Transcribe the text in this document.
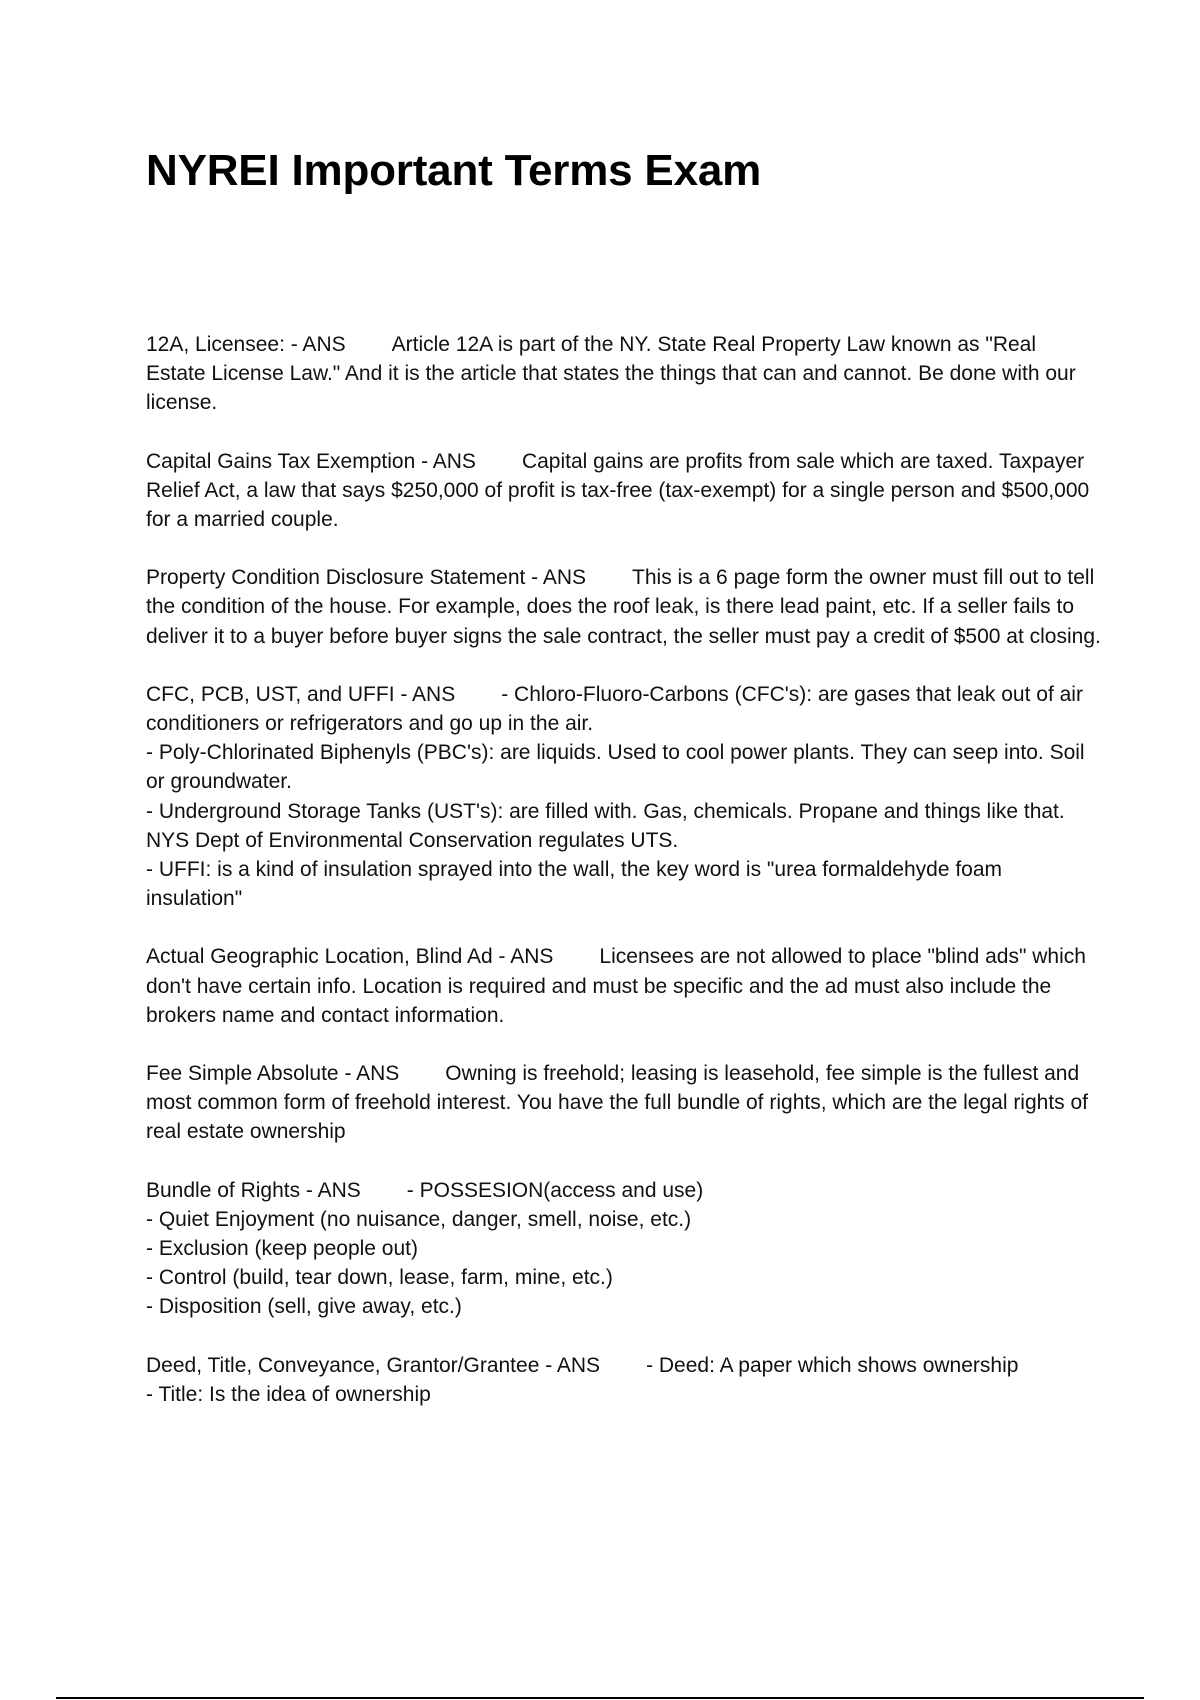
NYREI Important Terms Exam

12A, Licensee: - ANS Article 12A is part of the NY. State Real Property Law known as "Real Estate License Law." And it is the article that states the things that can and cannot. Be done with our license.

Capital Gains Tax Exemption - ANS Capital gains are profits from sale which are taxed. Taxpayer Relief Act, a law that says $250,000 of profit is tax-free (tax-exempt) for a single person and $500,000 for a married couple.

Property Condition Disclosure Statement - ANS This is a 6 page form the owner must fill out to tell the condition of the house. For example, does the roof leak, is there lead paint, etc. If a seller fails to deliver it to a buyer before buyer signs the sale contract, the seller must pay a credit of $500 at closing.

CFC, PCB, UST, and UFFI - ANS - Chloro-Fluoro-Carbons (CFC's): are gases that leak out of air conditioners or refrigerators and go up in the air.

- Poly-Chlorinated Biphenyls (PBC's): are liquids. Used to cool power plants. They can seep into. Soil or groundwater.

- Underground Storage Tanks (UST's): are filled with. Gas, chemicals. Propane and things like that. NYS Dept of Environmental Conservation regulates UTS.

- UFFI: is a kind of insulation sprayed into the wall, the key word is "urea formaldehyde foam insulation"

Actual Geographic Location, Blind Ad - ANS Licensees are not allowed to place "blind ads" which don't have certain info. Location is required and must be specific and the ad must also include the brokers name and contact information.

Fee Simple Absolute - ANS Owning is freehold; leasing is leasehold, fee simple is the fullest and most common form of freehold interest. You have the full bundle of rights, which are the legal rights of real estate ownership

Bundle of Rights - ANS - POSSESION(access and use)

- Quiet Enjoyment (no nuisance, danger, smell, noise, etc.)

- Exclusion (keep people out)

- Control (build, tear down, lease, farm, mine, etc.)

- Disposition (sell, give away, etc.)

Deed, Title, Conveyance, Grantor/Grantee - ANS - Deed: A paper which shows ownership

- Title: Is the idea of ownership
